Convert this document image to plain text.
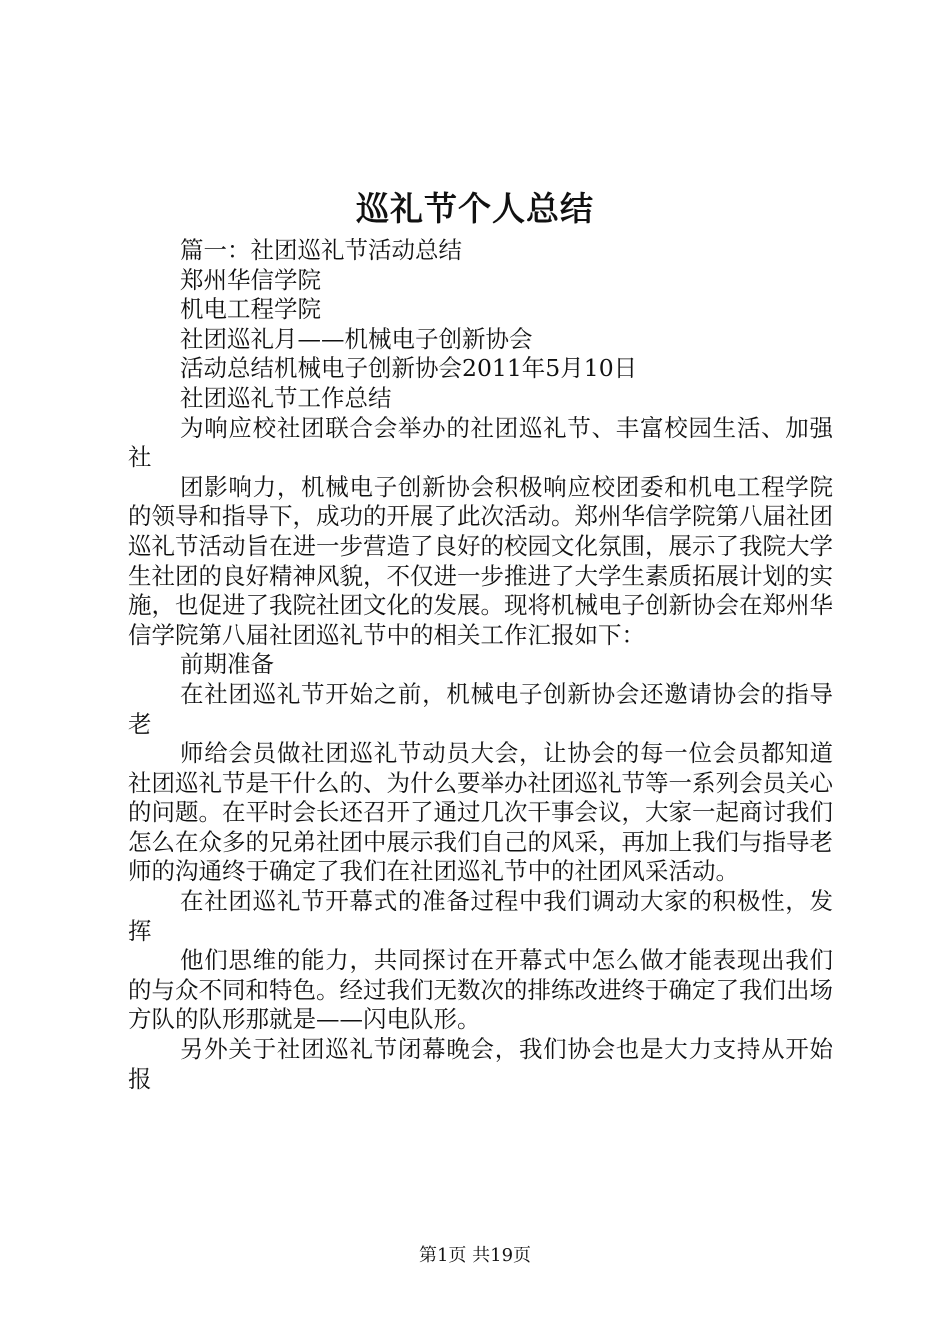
巡礼节个人总结

篇一：社团巡礼节活动总结

郑州华信学院

机电工程学院

社团巡礼月——机械电子创新协会

活动总结机械电子创新协会2011年5月10日

社团巡礼节工作总结

为响应校社团联合会举办的社团巡礼节、丰富校园生活、加强社

团影响力，机械电子创新协会积极响应校团委和机电工程学院的领导和指导下，成功的开展了此次活动。郑州华信学院第八届社团巡礼节活动旨在进一步营造了良好的校园文化氛围，展示了我院大学生社团的良好精神风貌，不仅进一步推进了大学生素质拓展计划的实施，也促进了我院社团文化的发展。现将机械电子创新协会在郑州华信学院第八届社团巡礼节中的相关工作汇报如下：

前期准备

在社团巡礼节开始之前，机械电子创新协会还邀请协会的指导老

师给会员做社团巡礼节动员大会，让协会的每一位会员都知道社团巡礼节是干什么的、为什么要举办社团巡礼节等一系列会员关心的问题。在平时会长还召开了通过几次干事会议，大家一起商讨我们怎么在众多的兄弟社团中展示我们自己的风采，再加上我们与指导老师的沟通终于确定了我们在社团巡礼节中的社团风采活动。

在社团巡礼节开幕式的准备过程中我们调动大家的积极性，发挥

他们思维的能力，共同探讨在开幕式中怎么做才能表现出我们的与众不同和特色。经过我们无数次的排练改进终于确定了我们出场方队的队形那就是——闪电队形。

另外关于社团巡礼节闭幕晚会，我们协会也是大力支持从开始报

第1页 共19页
